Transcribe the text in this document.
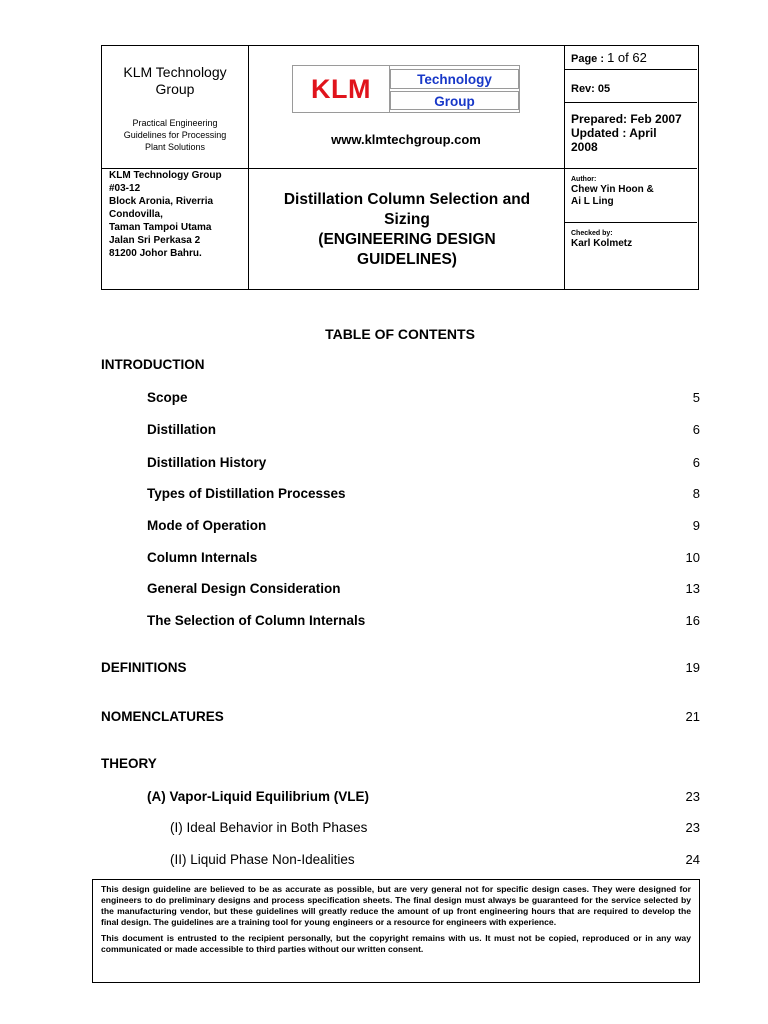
KLM Technology
Group
Practical Engineering
Guidelines for Processing
Plant Solutions
KLM	Technology
Group
www.klmtechgroup.com
Page : 1 of 62
Rev: 05
Prepared: Feb 2007
Updated : April
2008
KLM Technology Group
#03-12
Block Aronia, Riverria
Condovilla,
Taman Tampoi Utama
Jalan Sri Perkasa 2
81200 Johor Bahru.
Distillation Column Selection and
Sizing
(ENGINEERING DESIGN
GUIDELINES)
Author:
Chew Yin Hoon &
Ai L Ling
Checked by:
Karl Kolmetz
TABLE OF CONTENTS
INTRODUCTION
Scope	5
Distillation	6
Distillation History	6
Types of Distillation Processes	8
Mode of Operation	9
Column Internals	10
General Design Consideration	13
The Selection of Column Internals	16
DEFINITIONS	19
NOMENCLATURES	21
THEORY
(A) Vapor-Liquid Equilibrium (VLE)	23
(I) Ideal Behavior in Both Phases	23
(II) Liquid Phase Non-Idealities	24

This design guideline are believed to be as accurate as possible, but are very general not for specific design cases. They were designed for engineers to do preliminary designs and process specification sheets. The final design must always be guaranteed for the service selected by the manufacturing vendor, but these guidelines will greatly reduce the amount of up front engineering hours that are required to develop the final design. The guidelines are a training tool for young engineers or a resource for engineers with experience.

This document is entrusted to the recipient personally, but the copyright remains with us. It must not be copied, reproduced or in any way communicated or made accessible to third parties without our written consent.
